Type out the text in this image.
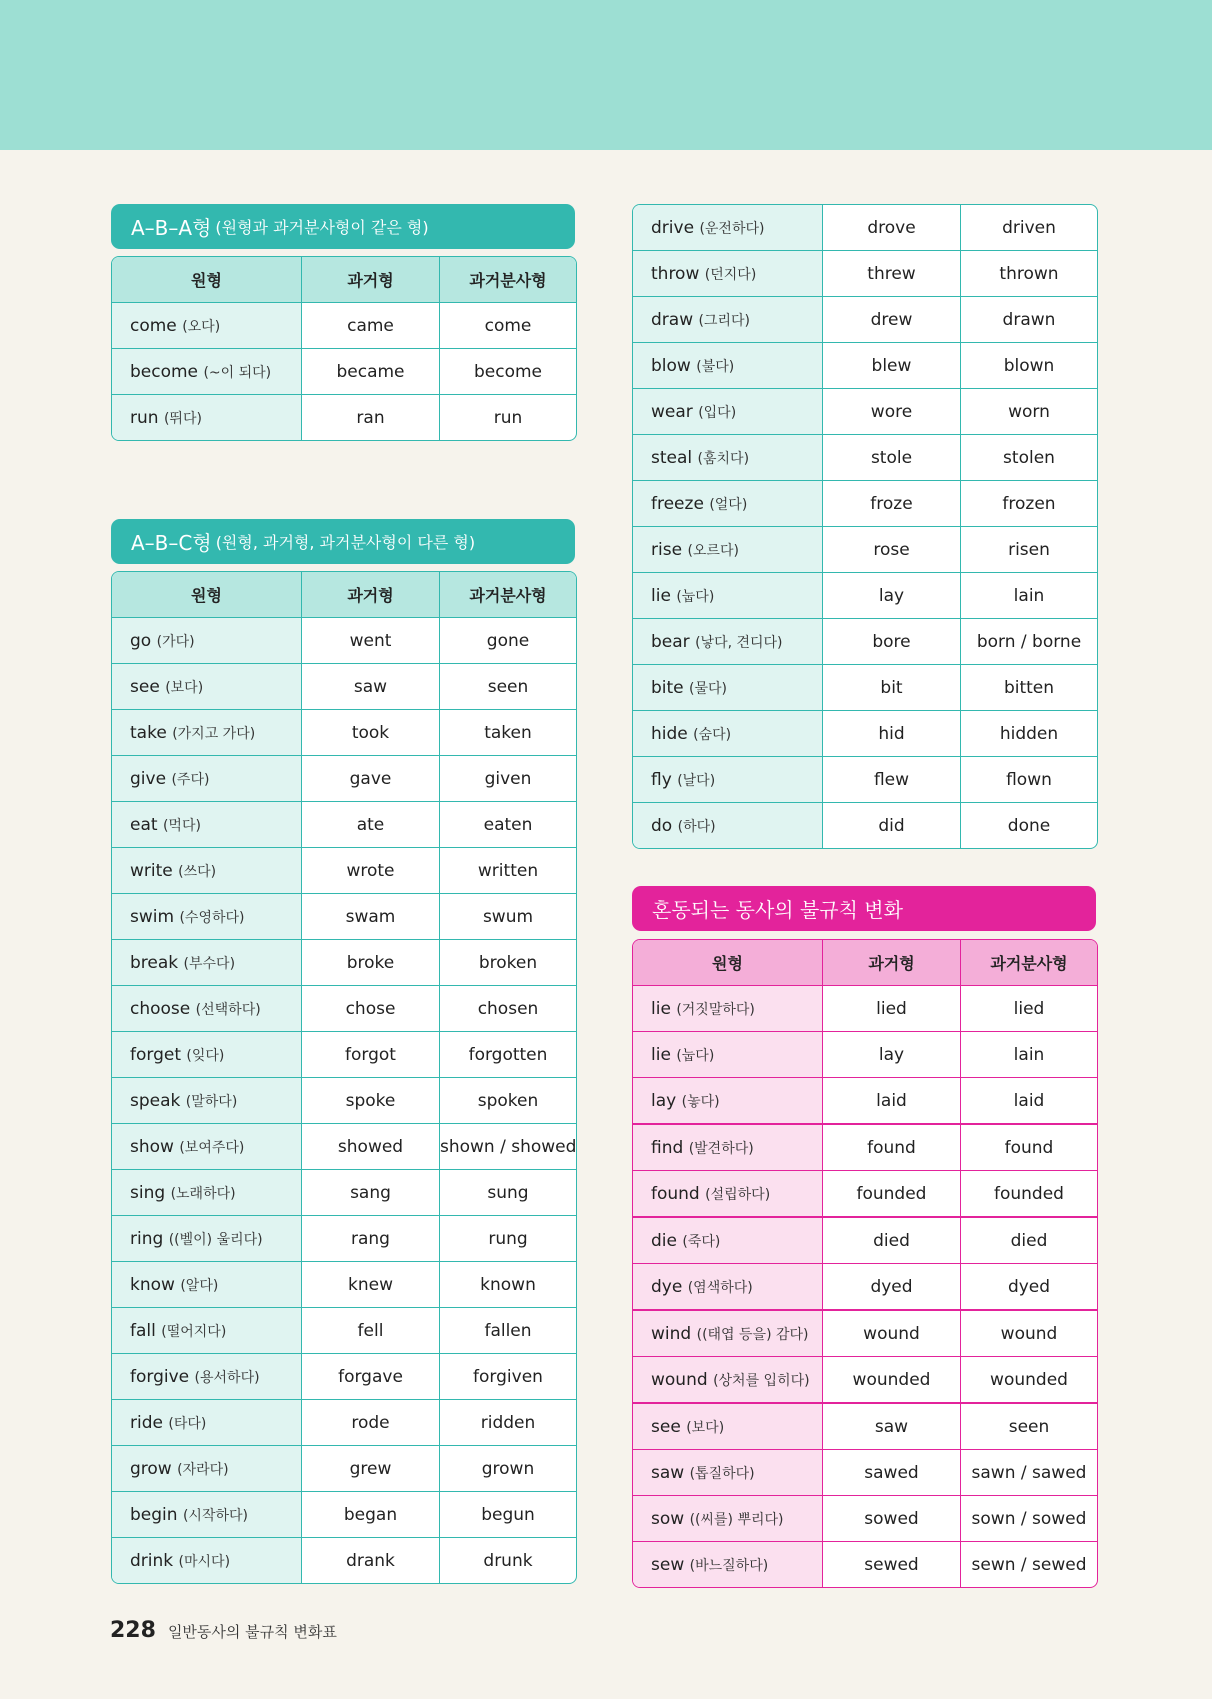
A–B–A형 (원형과 과거분사형이 같은 형)
원형	과거형	과거분사형
come (오다)	came	come
become (~이 되다)	became	become
run (뛰다)	ran	run
A–B–C형 (원형, 과거형, 과거분사형이 다른 형)
원형	과거형	과거분사형
go (가다)	went	gone
see (보다)	saw	seen
take (가지고 가다)	took	taken
give (주다)	gave	given
eat (먹다)	ate	eaten
write (쓰다)	wrote	written
swim (수영하다)	swam	swum
break (부수다)	broke	broken
choose (선택하다)	chose	chosen
forget (잊다)	forgot	forgotten
speak (말하다)	spoke	spoken
show (보여주다)	showed	shown / showed
sing (노래하다)	sang	sung
ring ((벨이) 울리다)	rang	rung
know (알다)	knew	known
fall (떨어지다)	fell	fallen
forgive (용서하다)	forgave	forgiven
ride (타다)	rode	ridden
grow (자라다)	grew	grown
begin (시작하다)	began	begun
drink (마시다)	drank	drunk
drive (운전하다)	drove	driven
throw (던지다)	threw	thrown
draw (그리다)	drew	drawn
blow (불다)	blew	blown
wear (입다)	wore	worn
steal (훔치다)	stole	stolen
freeze (얼다)	froze	frozen
rise (오르다)	rose	risen
lie (눕다)	lay	lain
bear (낳다, 견디다)	bore	born / borne
bite (물다)	bit	bitten
hide (숨다)	hid	hidden
fly (날다)	flew	flown
do (하다)	did	done
혼동되는 동사의 불규칙 변화
원형	과거형	과거분사형
lie (거짓말하다)	lied	lied
lie (눕다)	lay	lain
lay (놓다)	laid	laid
find (발견하다)	found	found
found (설립하다)	founded	founded
die (죽다)	died	died
dye (염색하다)	dyed	dyed
wind ((태엽 등을) 감다)	wound	wound
wound (상처를 입히다)	wounded	wounded
see (보다)	saw	seen
saw (톱질하다)	sawed	sawn / sawed
sow ((씨를) 뿌리다)	sowed	sown / sowed
sew (바느질하다)	sewed	sewn / sewed
228 일반동사의 불규칙 변화표
